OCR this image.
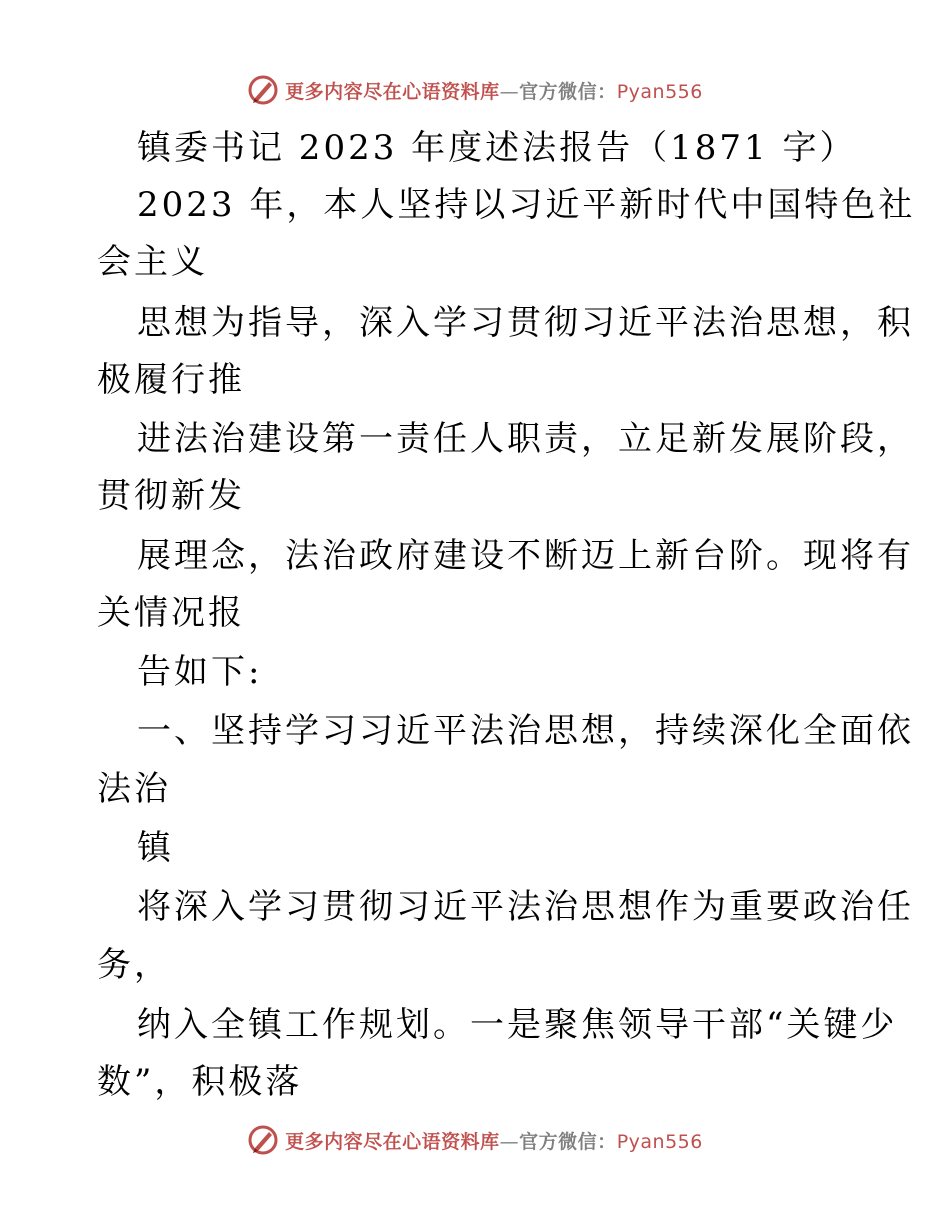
更多内容尽在心语资料库—官方微信：Pyan556
镇委书记 2023 年度述法报告（1871 字）
2023 年，本人坚持以习近平新时代中国特色社
会主义
思想为指导，深入学习贯彻习近平法治思想，积
极履行推
进法治建设第一责任人职责，立足新发展阶段，
贯彻新发
展理念，法治政府建设不断迈上新台阶。现将有
关情况报
告如下:
一、坚持学习习近平法治思想，持续深化全面依
法治
镇
将深入学习贯彻习近平法治思想作为重要政治任
务，
纳入全镇工作规划。一是聚焦领导干部“关键少
数”，积极落
更多内容尽在心语资料库—官方微信：Pyan556
